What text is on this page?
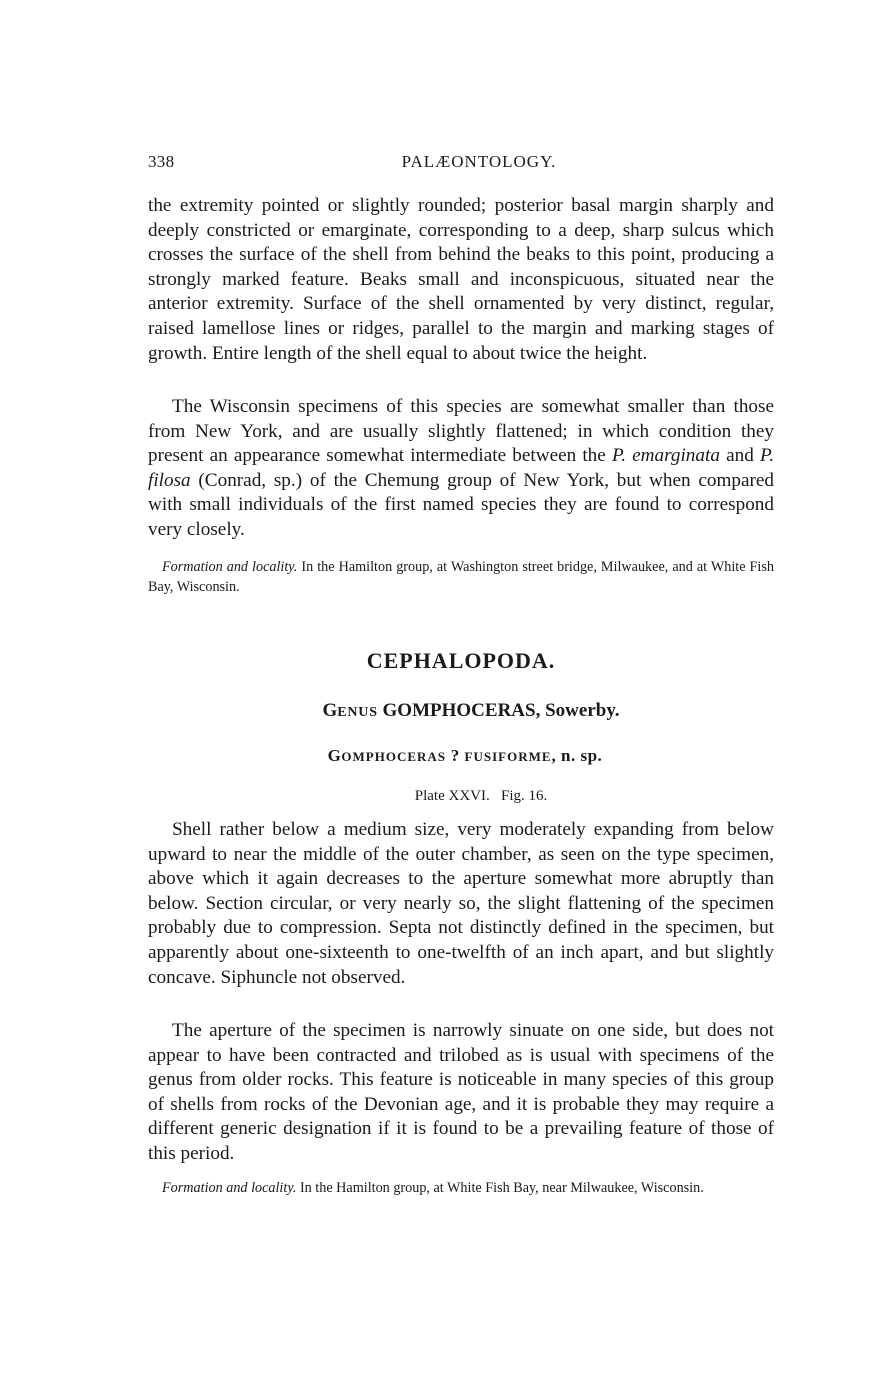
338	PALÆONTOLOGY.

the extremity pointed or slightly rounded; posterior basal margin sharply and deeply constricted or emarginate, corresponding to a deep, sharp sulcus which crosses the surface of the shell from behind the beaks to this point, producing a strongly marked feature. Beaks small and inconspicuous, situated near the anterior extremity. Surface of the shell ornamented by very distinct, regular, raised lamellose lines or ridges, parallel to the margin and marking stages of growth. Entire length of the shell equal to about twice the height.

The Wisconsin specimens of this species are somewhat smaller than those from New York, and are usually slightly flattened; in which condition they present an appearance somewhat intermediate between the P. emarginata and P. filosa (Conrad, sp.) of the Chemung group of New York, but when compared with small individuals of the first named species they are found to correspond very closely.

Formation and locality. In the Hamilton group, at Washington street bridge, Milwaukee, and at White Fish Bay, Wisconsin.

CEPHALOPODA.
GENUS GOMPHOCERAS, Sowerby.
GOMPHOCERAS ? FUSIFORME, n. sp.

Plate XXVI.   Fig. 16.

Shell rather below a medium size, very moderately expanding from below upward to near the middle of the outer chamber, as seen on the type specimen, above which it again decreases to the aperture somewhat more abruptly than below. Section circular, or very nearly so, the slight flattening of the specimen probably due to compression. Septa not distinctly defined in the specimen, but apparently about one-sixteenth to one-twelfth of an inch apart, and but slightly concave. Siphuncle not observed.

The aperture of the specimen is narrowly sinuate on one side, but does not appear to have been contracted and trilobed as is usual with specimens of the genus from older rocks. This feature is noticeable in many species of this group of shells from rocks of the Devonian age, and it is probable they may require a different generic designation if it is found to be a prevailing feature of those of this period.

Formation and locality. In the Hamilton group, at White Fish Bay, near Milwaukee, Wisconsin.
